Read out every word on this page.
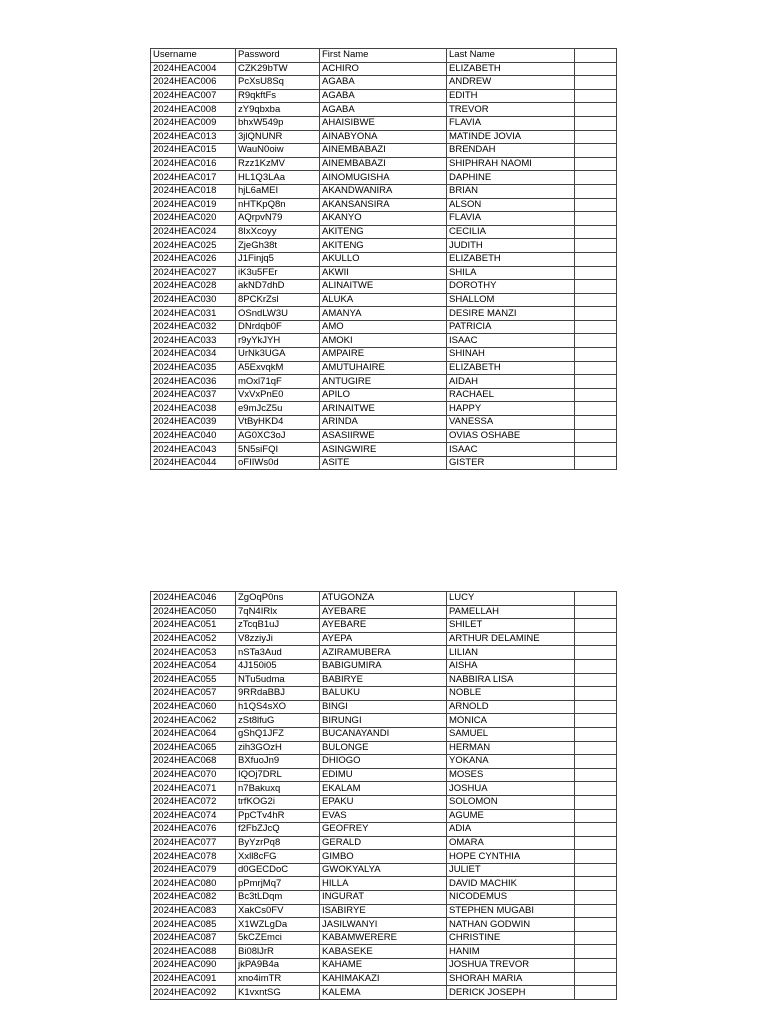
Username	Password	First Name	Last Name	
2024HEAC004	CZK29bTW	ACHIRO	ELIZABETH	
2024HEAC006	PcXsU8Sq	AGABA	ANDREW	
2024HEAC007	R9qkftFs	AGABA	EDITH	
2024HEAC008	zY9qbxba	AGABA	TREVOR	
2024HEAC009	bhxW549p	AHAISIBWE	FLAVIA	
2024HEAC013	3jlQNUNR	AINABYONA	MATINDE JOVIA	
2024HEAC015	WauN0oiw	AINEMBABAZI	BRENDAH	
2024HEAC016	Rzz1KzMV	AINEMBABAZI	SHIPHRAH NAOMI	
2024HEAC017	HL1Q3LAa	AINOMUGISHA	DAPHINE	
2024HEAC018	hjL6aMEI	AKANDWANIRA	BRIAN	
2024HEAC019	nHTKpQ8n	AKANSANSIRA	ALSON	
2024HEAC020	AQrpvN79	AKANYO	FLAVIA	
2024HEAC024	8IxXcoyy	AKITENG	CECILIA	
2024HEAC025	ZjeGh38t	AKITENG	JUDITH	
2024HEAC026	J1Finjq5	AKULLO	ELIZABETH	
2024HEAC027	iK3u5FEr	AKWII	SHILA	
2024HEAC028	akND7dhD	ALINAITWE	DOROTHY	
2024HEAC030	8PCKrZsl	ALUKA	SHALLOM	
2024HEAC031	OSndLW3U	AMANYA	DESIRE MANZI	
2024HEAC032	DNrdqb0F	AMO	PATRICIA	
2024HEAC033	r9yYkJYH	AMOKI	ISAAC	
2024HEAC034	UrNk3UGA	AMPAIRE	SHINAH	
2024HEAC035	A5ExvqkM	AMUTUHAIRE	ELIZABETH	
2024HEAC036	mOxl71qF	ANTUGIRE	AIDAH	
2024HEAC037	VxVxPnE0	APILO	RACHAEL	
2024HEAC038	e9mJcZ5u	ARINAITWE	HAPPY	
2024HEAC039	VtByHKD4	ARINDA	VANESSA	
2024HEAC040	AG0XC3oJ	ASASIIRWE	OVIAS OSHABE	
2024HEAC043	5N5siFQI	ASINGWIRE	ISAAC	
2024HEAC044	oFIIWs0d	ASITE	GISTER	
2024HEAC046	ZgOqP0ns	ATUGONZA	LUCY	
2024HEAC050	7qN4IRlx	AYEBARE	PAMELLAH	
2024HEAC051	zTcqB1uJ	AYEBARE	SHILET	
2024HEAC052	V8zziyJi	AYEPA	ARTHUR DELAMINE	
2024HEAC053	nSTa3Aud	AZIRAMUBERA	LILIAN	
2024HEAC054	4J150i05	BABIGUMIRA	AISHA	
2024HEAC055	NTu5udma	BABIRYE	NABBIRA LISA	
2024HEAC057	9RRdaBBJ	BALUKU	NOBLE	
2024HEAC060	h1QS4sXO	BINGI	ARNOLD	
2024HEAC062	zSt8lfuG	BIRUNGI	MONICA	
2024HEAC064	gShQ1JFZ	BUCANAYANDI	SAMUEL	
2024HEAC065	zih3GOzH	BULONGE	HERMAN	
2024HEAC068	BXfuoJn9	DHIOGO	YOKANA	
2024HEAC070	IQOj7DRL	EDIMU	MOSES	
2024HEAC071	n7Bakuxq	EKALAM	JOSHUA	
2024HEAC072	trfKOG2i	EPAKU	SOLOMON	
2024HEAC074	PpCTv4hR	EVAS	AGUME	
2024HEAC076	f2FbZJcQ	GEOFREY	ADIA	
2024HEAC077	ByYzrPq8	GERALD	OMARA	
2024HEAC078	Xxll8cFG	GIMBO	HOPE CYNTHIA	
2024HEAC079	d0GECDoC	GWOKYALYA	JULIET	
2024HEAC080	pPmrjMq7	HILLA	DAVID MACHIK	
2024HEAC082	Bc3tLDqm	INGURAT	NICODEMUS	
2024HEAC083	XakCs0FV	ISABIRYE	STEPHEN MUGABI	
2024HEAC085	X1WZLgDa	JASILWANYI	NATHAN GODWIN	
2024HEAC087	5kCZEmci	KABAMWERERE	CHRISTINE	
2024HEAC088	Bi08lJrR	KABASEKE	HANIM	
2024HEAC090	jkPA9B4a	KAHAME	JOSHUA TREVOR	
2024HEAC091	xno4imTR	KAHIMAKAZI	SHORAH MARIA	
2024HEAC092	K1vxntSG	KALEMA	DERICK JOSEPH	
